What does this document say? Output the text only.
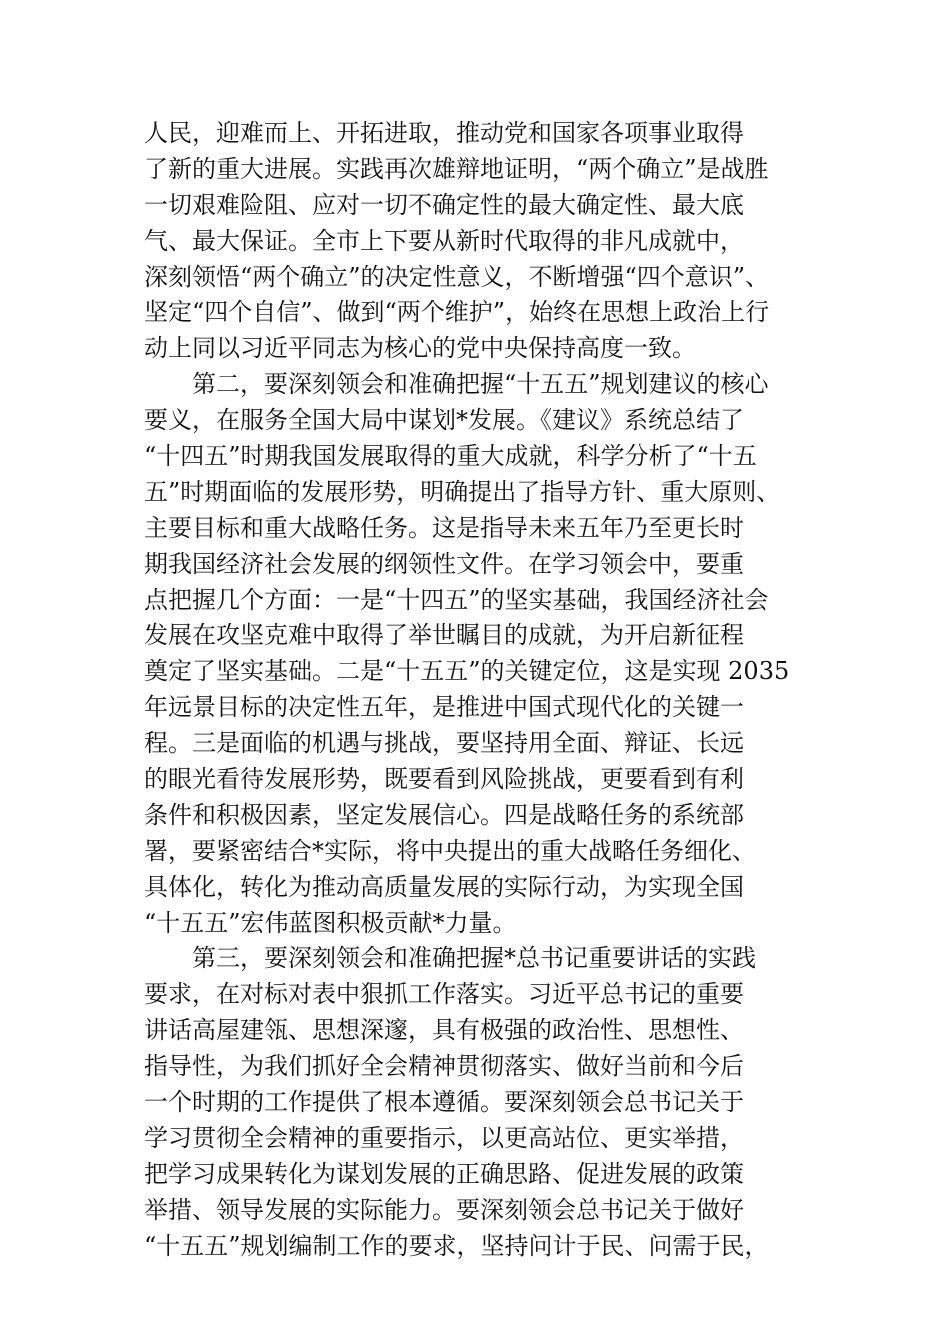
人民，迎难而上、开拓进取，推动党和国家各项事业取得
了新的重大进展。实践再次雄辩地证明，“两个确立”是战胜
一切艰难险阻、应对一切不确定性的最大确定性、最大底
气、最大保证。全市上下要从新时代取得的非凡成就中，
深刻领悟“两个确立”的决定性意义，不断增强“四个意识”、
坚定“四个自信”、做到“两个维护”，始终在思想上政治上行
动上同以习近平同志为核心的党中央保持高度一致。
第二，要深刻领会和准确把握“十五五”规划建议的核心
要义，在服务全国大局中谋划*发展。《建议》系统总结了
“十四五”时期我国发展取得的重大成就，科学分析了“十五
五”时期面临的发展形势，明确提出了指导方针、重大原则、
主要目标和重大战略任务。这是指导未来五年乃至更长时
期我国经济社会发展的纲领性文件。在学习领会中，要重
点把握几个方面：一是“十四五”的坚实基础，我国经济社会
发展在攻坚克难中取得了举世瞩目的成就，为开启新征程
奠定了坚实基础。二是“十五五”的关键定位，这是实现 2035
年远景目标的决定性五年，是推进中国式现代化的关键一
程。三是面临的机遇与挑战，要坚持用全面、辩证、长远
的眼光看待发展形势，既要看到风险挑战，更要看到有利
条件和积极因素，坚定发展信心。四是战略任务的系统部
署，要紧密结合*实际，将中央提出的重大战略任务细化、
具体化，转化为推动高质量发展的实际行动，为实现全国
“十五五”宏伟蓝图积极贡献*力量。
第三，要深刻领会和准确把握*总书记重要讲话的实践
要求，在对标对表中狠抓工作落实。习近平总书记的重要
讲话高屋建瓴、思想深邃，具有极强的政治性、思想性、
指导性，为我们抓好全会精神贯彻落实、做好当前和今后
一个时期的工作提供了根本遵循。要深刻领会总书记关于
学习贯彻全会精神的重要指示，以更高站位、更实举措，
把学习成果转化为谋划发展的正确思路、促进发展的政策
举措、领导发展的实际能力。要深刻领会总书记关于做好
“十五五”规划编制工作的要求，坚持问计于民、问需于民，
